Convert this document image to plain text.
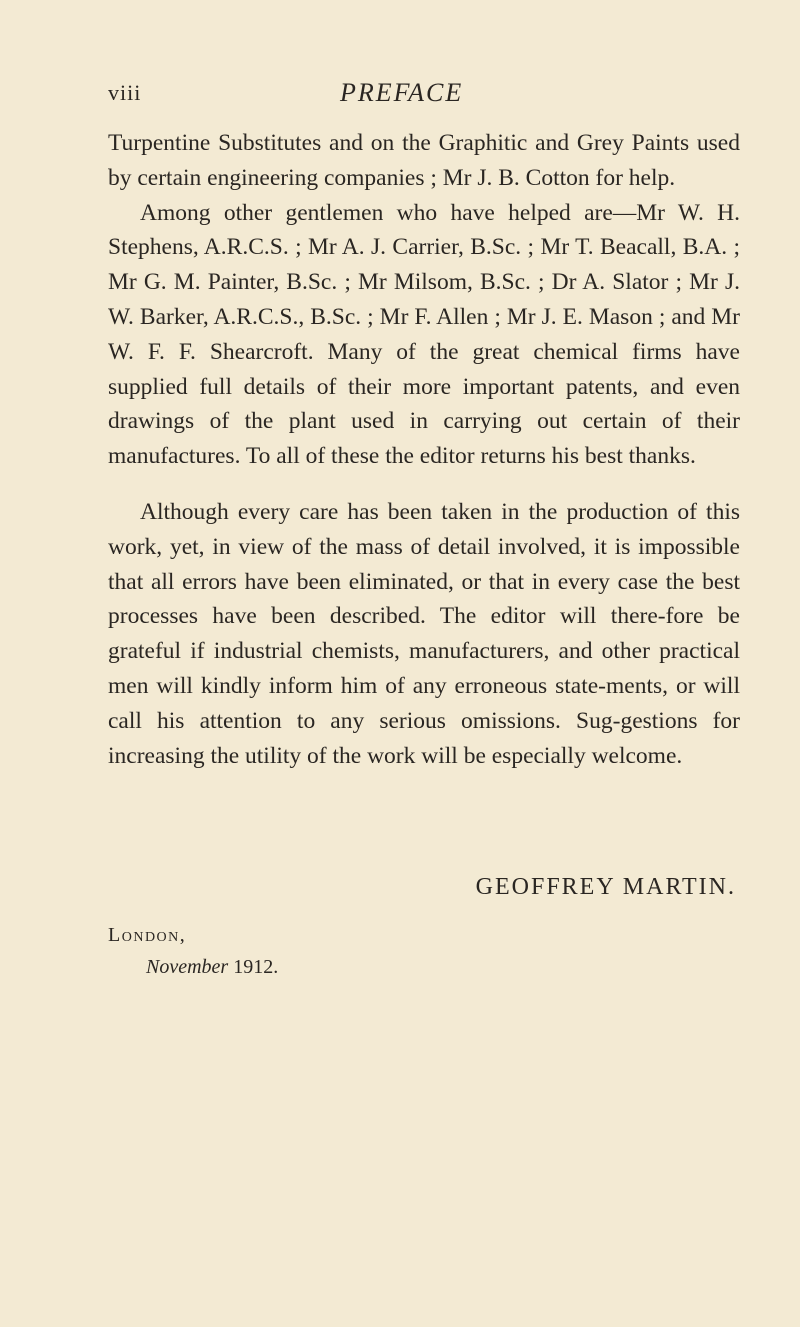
viii	PREFACE

Turpentine Substitutes and on the Graphitic and Grey Paints used by certain engineering companies ; Mr J. B. Cotton for help.

Among other gentlemen who have helped are—Mr W. H. Stephens, A.R.C.S. ; Mr A. J. Carrier, B.Sc. ; Mr T. Beacall, B.A. ; Mr G. M. Painter, B.Sc. ; Mr Milsom, B.Sc. ; Dr A. Slator ; Mr J. W. Barker, A.R.C.S., B.Sc. ; Mr F. Allen ; Mr J. E. Mason ; and Mr W. F. F. Shearcroft. Many of the great chemical firms have supplied full details of their more important patents, and even drawings of the plant used in carrying out certain of their manufactures. To all of these the editor returns his best thanks.

Although every care has been taken in the production of this work, yet, in view of the mass of detail involved, it is impossible that all errors have been eliminated, or that in every case the best processes have been described. The editor will there-fore be grateful if industrial chemists, manufacturers, and other practical men will kindly inform him of any erroneous state-ments, or will call his attention to any serious omissions. Sug-gestions for increasing the utility of the work will be especially welcome.

GEOFFREY MARTIN.
London,
November 1912.
